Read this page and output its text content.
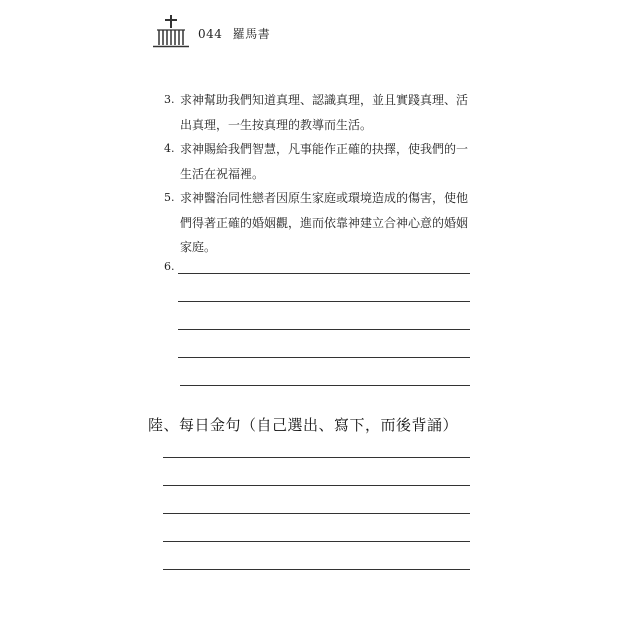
044 羅馬書
3. 求神幫助我們知道真理、認識真理，並且實踐真理、活出真理，一生按真理的教導而生活。
4. 求神賜給我們智慧，凡事能作正確的抉擇，使我們的一生活在祝福裡。
5. 求神醫治同性戀者因原生家庭或環境造成的傷害，使他們得著正確的婚姻觀，進而依靠神建立合神心意的婚姻家庭。
6.
陸、每日金句（自己選出、寫下，而後背誦）
